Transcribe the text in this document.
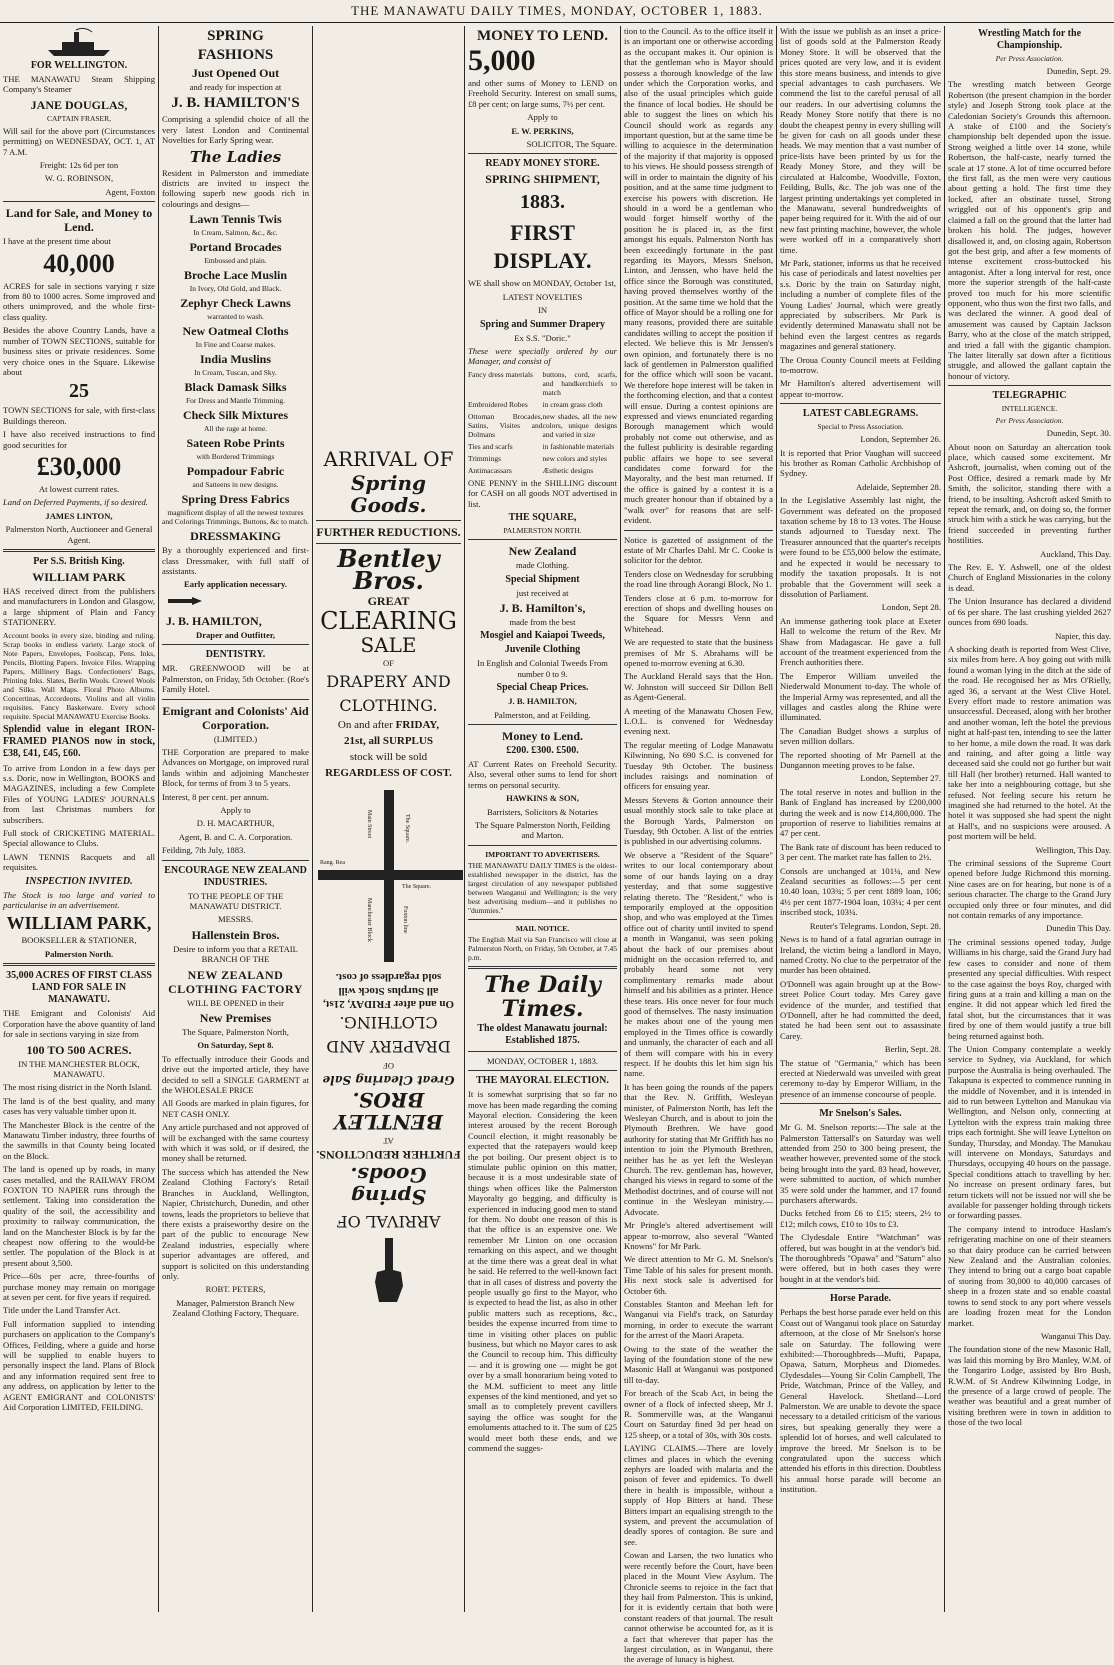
THE MANAWATU DAILY TIMES, MONDAY, OCTOBER 1, 1883.

FOR WELLINGTON.

THE MANAWATU Steam Shipping Company's Steamer

JANE DOUGLAS,

CAPTAIN FRASER,

Will sail for the above port (Circumstances permitting) on WEDNESDAY, OCT. 1, AT 7 A.M.

Freight: 12s 6d per ton

W. G. ROBINSON,

Agent, Foxton

Land for Sale, and Money to Lend.

I have at the present time about

40,000

ACRES for sale in sections varying r size from 80 to 1000 acres. Some improved and others unimproved, and the whole first-class quality.

Besides the above Country Lands, have a number of TOWN SECTIONS, suitable for business sites or private residences. Some very choice ones in the Square. Likewise about

25

TOWN SECTIONS for sale, with first-class Buildings thereon.

I have also received instructions to find good securities for

£30,000

At lowest current rates.

Land on Deferred Payments, if so desired.

JAMES LINTON,

Palmerston North, Auctioneer and General Agent.

Per S.S. British King.

WILLIAM PARK

HAS received direct from the publishers and manufacturers in London and Glasgow, a large shipment of Plain and Fancy STATIONERY.

Account books in every size, binding and ruling. Scrap books in endless variety. Large stock of Note Papers, Envelopes, Foolscap, Pens. Inks, Pencils, Blotting Papers. Invoice Files. Wrapping Papers, Millinery Bags. Confectioners' Bags, Printing Inks. Slates, Berlin Wools. Crewel Wools and Silks. Wall Maps. Floral Photo Albums. Concertinas, Accordeons. Violins and all violin requisites. Fancy Basketware. Every school requisite. Special MANAWATU Exercise Books.

Splendid value in elegant IRON-FRAMED PIANOS now in stock, £38, £41, £45, £60.

To arrive from London in a few days per s.s. Doric, now in Wellington, BOOKS and MAGAZINES, including a few Complete Files of YOUNG LADIES' JOURNALS from last Christmas numbers for subscribers.

Full stock of CRICKETING MATERIAL. Special allowance to Clubs.

LAWN TENNIS Racquets and all requisites.

INSPECTION INVITED.

The Stock is too large and varied to particularise in an advertisement.

WILLIAM PARK,

BOOKSELLER & STATIONER,

Palmerston North.

35,000 ACRES OF FIRST CLASS LAND FOR SALE IN MANAWATU.

THE Emigrant and Colonists' Aid Corporation have the above quantity of land for sale in sections varying in size from

100 TO 500 ACRES.

IN THE MANCHESTER BLOCK, MANAWATU.

The most rising district in the North Island.

The land is of the best quality, and many cases has very valuable timber upon it.

The Manchester Block is the centre of the Manawatu Timber industry, three fourths of the sawmills in that County being located on the Block.

The land is opened up by roads, in many cases metalled, and the RAILWAY FROM FOXTON TO NAPIER runs through the settlement. Taking into consideration the quality of the soil, the accessibility and proximity to railway communication, the land on the Manchester Block is by far the cheapest now offering to the would-be settler. The population of the Block is at present about 3,500.

Price—60s per acre, three-fourths of purchase money may remain on mortgage at seven per cent. for five years if required.

Title under the Land Transfer Act.

Full information supplied to intending purchasers on application to the Company's Offices, Feilding, where a guide and horse will be supplied to enable buyers to personally inspect the land. Plans of Block and any information required sent free to any address, on application by letter to the AGENT EMIGRANT and COLONISTS' Aid Corporation LIMITED, FEILDING.

SPRING

FASHIONS

Just Opened Out

and ready for inspection at

J. B. HAMILTON'S

Comprising a splendid choice of all the very latest London and Continental Novelties for Early Spring wear.

The Ladies

Resident in Palmerston and immediate districts are invited to inspect the following superb new goods rich in colourings and designs—

Lawn Tennis Twis

In Cream, Salmon, &c., &c.

Portand Brocades

Embossed and plain.

Broche Lace Muslin

In Ivory, Old Gold, and Black.

Zephyr Check Lawns

warranted to wash.

New Oatmeal Cloths

In Fine and Coarse makes.

India Muslins

In Cream, Tuscan, and Sky.

Black Damask Silks

For Dress and Mantle Trimming.

Check Silk Mixtures

All the rage at home.

Sateen Robe Prints

with Bordered Trimmings

Pompadour Fabric

and Satteens in new designs.

Spring Dress Fabrics

magnificent display of all the newest textures and Colorings Trimmings, Buttons, &c to match.

DRESSMAKING

By a thoroughly experienced and first-class Dressmaker, with full staff of assistants.

Early application necessary.

J. B. HAMILTON,

Draper and Outfitter,

DENTISTRY.

MR. GREENWOOD will be at Palmerston, on Friday, 5th October. (Roe's Family Hotel.

Emigrant and Colonists' Aid Corporation.

(LIMITED.)

THE Corporation are prepared to make Advances on Mortgage, on improved rural lands within and adjoining Manchester Block, for terms of from 3 to 5 years.

Interest, 8 per cent. per annum.

Apply to

D. H. MACARTHUR,

Agent, B. and C. A. Corporation.

Feilding, 7th July, 1883.

ENCOURAGE NEW ZEALAND INDUSTRIES.

TO THE PEOPLE OF THE MANAWATU DISTRICT.

MESSRS.

Hallenstein Bros.

Desire to inform you that a RETAIL BRANCH OF THE

NEW ZEALAND CLOTHING FACTORY

WILL BE OPENED in their

New Premises

The Square, Palmerston North,

On Saturday, Sept 8.

To effectually introduce their Goods and drive out the imported article, they have decided to sell a SINGLE GARMENT at the WHOLESALE PRICE

All Goods are marked in plain figures, for NET CASH ONLY.

Any article purchased and not approved of will be exchanged with the same courtesy with which it was sold, or if desired, the money shall be returned.

The success which has attended the New Zealand Clothing Factory's Retail Branches in Auckland, Wellington, Napier, Christchurch, Dunedin, and other towns, leads the proprietors to believe that there exists a praiseworthy desire on the part of the public to encourage New Zealand industries, especially where superior advantages are offered, and support is solicited on this understanding only.

ROBT. PETERS,

Manager, Palmerston Branch New Zealand Clothing Factory, Thequare.

ARRIVAL OF

Spring Goods.

FURTHER REDUCTIONS.

Bentley Bros.

GREAT

CLEARING

SALE

OF

DRAPERY AND

CLOTHING.

On and after FRIDAY,

21st, all SURPLUS

stock will be sold

REGARDLESS OF COST.

Main Street
Rang. Rea
The Square.
The Square.
Manchester Block	Foxton line

ARRIVAL OF

Spring Goods.

FURTHER REDUCTIONS.

AT

BENTLEY BROS.

Great Clearing Sale

OF

DRAPERY AND

CLOTHING.

On and after FRIDAY, 21st,

all Surplus Stock will

sold regardless of cost.

MONEY TO LEND.

5,000

and other sums of Money to LEND on Freehold Security. Interest on small sums, £8 per cent; on large sums, 7½ per cent.

Apply to

E. W. PERKINS,

SOLICITOR, The Square.

READY MONEY STORE.

SPRING SHIPMENT,

1883.

FIRST DISPLAY.

WE shall show on MONDAY, October 1st,

LATEST NOVELTIES

IN

Spring and Summer Drapery

Ex S.S. "Doric."

These were specially ordered by our Manager, and consist of

Fancy dress materials	buttons, cord, scarfs, and handkerchiefs to match

Embroidered Robes	in cream grass cloth

Ottoman Brocades, Satins, Visites and Dolmans

new shades, all the new colors, unique designs and varied in size

Ties and scarfs	in fashionable materials

Trimmings	new colors and styles

Antimacassars	Æsthetic designs

ONE PENNY in the SHILLING discount for CASH on all goods NOT advertised in list.

THE SQUARE,

PALMERSTON NORTH.

New Zealand

made Clothing.

Special Shipment

just received at

J. B. Hamilton's,

made from the best

Mosgiel and Kaiapoi Tweeds,

Juvenile Clothing

In English and Colonial Tweeds From number 0 to 9.

Special Cheap Prices.

J. B. HAMILTON,

Palmerston, and at Feilding.

Money to Lend.

£200. £300. £500.

AT Current Rates on Freehold Security. Also, several other sums to lend for short terms on personal security.

HAWKINS & SON,

Barristers, Solicitors & Notaries

The Square Palmerston North, Feilding and Marton.

IMPORTANT TO ADVERTISERS.

THE MANAWATU DAILY TIMES is the oldest-established newspaper in the district, has the largest circulation of any newspaper published between Wanganui and Wellington; is the very best advertising medium—and it publishes no "dummies."

MAIL NOTICE.

The English Mail via San Francisco will close at Palmerston North, on Friday, 5th October, at 7.45 p.m.

The Daily Times.

The oldest Manawatu journal: Established 1875.

MONDAY, OCTOBER 1, 1883.

THE MAYORAL ELECTION.

It is somewhat surprising that so far no move has been made regarding the coming Mayoral election. Considering the keen interest aroused by the recent Borough Council election, it might reasonably be expected that the ratepayers would keep the pot boiling. Our present object is to stimulate public opinion on this matter, because it is a most undesirable state of things when offices like the Palmerston Mayoralty go begging, and difficulty is experienced in inducing good men to stand for them. No doubt one reason of this is that the office is an expensive one. We remember Mr Linton on one occasion remarking on this aspect, and we thought at the time there was a great deal in what he said. He referred to the well-known fact that in all cases of distress and poverty the people usually go first to the Mayor, who is expected to head the list, as also in other public matters such as receptions, &c., besides the expense incurred from time to time in visiting other places on public business, but which no Mayor cares to ask the Council to recoup him. This difficulty — and it is growing one — might be got over by a small honorarium being voted to the M.M. sufficient to meet any little expenses of the kind mentioned, and yet so small as to completely prevent cavillers saying the office was sought for the emoluments attached to it. The sum of £25 would meet both these ends, and we commend the sugges-

tion to the Council. As to the office itself it is an important one or otherwise according as the occupant makes it. Our opinion is that the gentleman who is Mayor should possess a thorough knowledge of the law under which the Corporation works, and also of the usual principles which guide the finance of local bodies. He should be able to suggest the lines on which his Council should work as regards any important question, but at the same time be willing to acquiesce in the determination of the majority if that majority is opposed to his views. He should possess strength of will in order to maintain the dignity of his position, and at the same time judgment to exercise his powers with discretion. He should in a word be a gentleman who would forget himself worthy of the position he is placed in, as the first amongst his equals. Palmerston North has been exceedingly fortunate in the past regarding its Mayors, Messrs Snelson, Linton, and Jenssen, who have held the office since the Borough was constituted, having proved themselves worthy of the position. At the same time we hold that the office of Mayor should be a rolling one for many reasons, provided there are suitable candidates willing to accept the position if elected. We believe this is Mr Jenssen's own opinion, and fortunately there is no lack of gentlemen in Palmerston qualified for the office which will soon be vacant. We therefore hope interest will be taken in the forthcoming election, and that a contest will ensue. During a contest opinions are expressed and views enunciated regarding Borough management which would probably not come out otherwise, and as the fullest publicity is desirable regarding public affairs we hope to see several candidates come forward for the Mayoralty, and the best man returned. If the office is gained by a contest it is a much greater honour than if obtained by a "walk over" for reasons that are self-evident.

Notice is gazetted of assignment of the estate of Mr Charles Dahl. Mr C. Cooke is solicitor for the debtor.

Tenders close on Wednesday for scrubbing the road line through Aorangi Block, No 1.

Tenders close at 6 p.m. to-morrow for erection of shops and dwelling houses on the Square for Messrs Venn and Whitehead.

We are requested to state that the business premises of Mr S. Abrahams will be opened to-morrow evening at 6.30.

The Auckland Herald says that the Hon. W. Johnston will succeed Sir Dillon Bell as Agent-General.

A meeting of the Manawatu Chosen Few, L.O.L. is convened for Wednesday evening next.

The regular meeting of Lodge Manawatu Kilwinning, No 690 S.C. is convened for Tuesday 9th October. The business includes raisings and nomination of officers for ensuing year.

Messrs Stevens & Gorton announce their usual monthly stock sale to take place at the Borough Yards, Palmerston on Tuesday, 9th October. A list of the entries is published in our advertising columns.

We observe a "Resident of the Square" writes to our local contemporary about some of our hands laying on a dray yesterday, and that some suggestive relating thereto. The "Resident," who is temporarily employed at the opposition shop, and who was employed at the Times office out of charity until invited to spend a month in Wanganui, was seen poking about the back of our premises about midnight on the occasion referred to, and probably heard some not very complimentary remarks made about himself and his abilities as a printer. Hence these tears. His once never for four much good of themselves. The nasty insinuation he makes about one of the young men employed in the Times office is cowardly and unmanly, the character of each and all of them will compare with his in every respect. If he doubts this let him sign his name.

It has been going the rounds of the papers that the Rev. N. Griffith, Wesleyan minister, of Palmerston North, has left the Wesleyan Church, and is about to join the Plymouth Brethren. We have good authority for stating that Mr Griffith has no intention to join the Plymouth Brethren, neither has he as yet left the Wesleyan Church. The rev. gentleman has, however, changed his views in regard to some of the Methodist doctrines, and of course will not continue in the Wesleyan ministry.—Advocate.

Mr Pringle's altered advertisement will appear to-morrow, also several "Wanted Knowns" for Mr Park.

We direct attention to Mr G. M. Snelson's Time Table of his sales for present month. His next stock sale is advertised for October 6th.

Constables Stanton and Meehan left for Wanganui via Field's track, on Saturday morning, in order to execute the warrant for the arrest of the Maori Arapeta.

Owing to the state of the weather the laying of the foundation stone of the new Masonic Hall at Wanganui was postponed till to-day.

For breach of the Scab Act, in being the owner of a flock of infected sheep, Mr J. R. Sommerville was, at the Wanganui Court on Saturday fined 3d per head on 125 sheep, or a total of 30s, with 30s costs.

LAYING CLAIMS.—There are lovely climes and places in which the evening zephyrs are loaded with malaria and the poison of fever and epidemics. To dwell there in health is impossible, without a supply of Hop Bitters at hand. These Bitters impart an equalising strength to the system, and prevent the accumulation of deadly spores of contagion. Be sure and see.

Cowan and Larsen, the two lunatics who were recently before the Court, have been placed in the Mount View Asylum. The Chronicle seems to rejoice in the fact that they hail from Palmerston. This is unkind, for it is evidently certain that both were constant readers of that journal. The result cannot otherwise be accounted for, as it is a fact that wherever that paper has the largest circulation, as in Wanganui, there the average of lunacy is highest.

With the issue we publish as an inset a price-list of goods sold at the Palmerston Ready Money Store. It will be observed that the prices quoted are very low, and it is evident this store means business, and intends to give special advantages to cash purchasers. We commend the list to the careful perusal of all our readers. In our advertising columns the Ready Money Store notify that there is no doubt the cheapest penny in every shilling will be given for cash on all goods under these heads. We may mention that a vast number of price-lists have been printed by us for the Ready Money Store, and they will be circulated at Halcombe, Woodville, Foxton, Feilding, Bulls, &c. The job was one of the largest printing undertakings yet completed in the Manawatu, several hundredweights of paper being required for it. With the aid of our new fast printing machine, however, the whole were worked off in a comparatively short time.

Mr Park, stationer, informs us that he received his case of periodicals and latest novelties per s.s. Doric by the train on Saturday night, including a number of complete files of the Young Ladies' Journal, which were greatly appreciated by subscribers. Mr Park is evidently determined Manawatu shall not be behind even the largest centres as regards magazines and general stationery.

The Oroua County Council meets at Feilding to-morrow.

Mr Hamilton's altered advertisement will appear to-morrow.

LATEST CABLEGRAMS.

Special to Press Association.

London, September 26.

It is reported that Prior Vaughan will succeed his brother as Roman Catholic Archbishop of Sydney.

Adelaide, September 28.

In the Legislative Assembly last night, the Government was defeated on the proposed taxation scheme by 18 to 13 votes. The House stands adjourned to Tuesday next. The Treasurer announced that the quarter's receipts were found to be £55,000 below the estimate, and he expected it would be necessary to modify the taxation proposals. It is not probable that the Government will seek a dissolution of Parliament.

London, Sept 28.

An immense gathering took place at Exeter Hall to welcome the return of the Rev. Mr Shaw from Madagascar. He gave a full account of the treatment experienced from the French authorities there.

The Emperor William unveiled the Niederwald Monument to-day. The whole of the Imperial Army was represented, and all the villages and castles along the Rhine were illuminated.

The Canadian Budget shows a surplus of seven million dollars.

The reported shooting of Mr Parnell at the Dungannon meeting proves to be false.

London, September 27.

The total reserve in notes and bullion in the Bank of England has increased by £200,000 during the week and is now £14,800,000. The proportion of reserve to liabilities remains at 47 per cent.

The Bank rate of discount has been reduced to 3 per cent. The market rate has fallen to 2½.

Consols are unchanged at 101¼, and New Zealand securities as follows:—5 per cent 10.40 loan, 103¾; 5 per cent 1889 loan, 106; 4½ per cent 1877-1904 loan, 103¼; 4 per cent inscribed stock, 103¼.

Reuter's Telegrams. London, Sept. 28.

News is to hand of a fatal agrarian outrage in Ireland, the victim being a landlord in Mayo, named Crotty. No clue to the perpetrator of the murder has been obtained.

O'Donnell was again brought up at the Bow-street Police Court today. Mrs Carey gave evidence of the murder, and testified that O'Donnell, after he had committed the deed, stated he had been sent out to assassinate Carey.

Berlin, Sept. 28.

The statue of "Germania," which has been erected at Niederwald was unveiled with great ceremony to-day by Emperor William, in the presence of an immense concourse of people.

Mr Snelson's Sales.

Mr G. M. Snelson reports:—The sale at the Palmerston Tattersall's on Saturday was well attended from 250 to 300 being present, the weather however, prevented some of the stock being brought into the yard. 83 head, however, were submitted to auction, of which number 35 were sold under the hammer, and 17 found purchasers afterwards.

Ducks fetched from £6 to £15; steers, 2½ to £12; milch cows, £10 to 10s to £3.

The Clydesdale Entire "Watchman" was offered, but was bought in at the vendor's bid. The thoroughbreds "Opawa" and "Saturn" also were offered, but in both cases they were bought in at the vendor's bid.

Horse Parade.

Perhaps the best horse parade ever held on this Coast out of Wanganui took place on Saturday afternoon, at the close of Mr Snelson's horse sale on Saturday. The following were exhibited:—Thoroughbreds—Mufti, Papapa, Opawa, Saturn, Morpheus and Diomedes. Clydesdales—Young Sir Colin Campbell, The Pride, Watchman, Prince of the Valley, and General Havelock. Shetland—Lord Palmerston. We are unable to devote the space necessary to a detailed criticism of the various sires, but speaking generally they were a splendid lot of horses, and well calculated to improve the breed. Mr Snelson is to be congratulated upon the success which attended his efforts in this direction. Doubtless his annual horse parade will become an institution.

Wrestling Match for the Championship.

Per Press Association.

Dunedin, Sept. 29.

The wrestling match between George Robertson (the present champion in the border style) and Joseph Strong took place at the Caledonian Society's Grounds this afternoon. A stake of £100 and the Society's championship belt depended upon the issue. Strong weighed a little over 14 stone, while Robertson, the half-caste, nearly turned the scale at 17 stone. A lot of time occurred before the first fall, as the men were very cautious about getting a hold. The first time they locked, after an obstinate tussel, Strong wriggled out of his opponent's grip and claimed a fall on the ground that the latter had broken his hold. The judges, however disallowed it, and, on closing again, Robertson got the best grip, and after a few moments of intense excitement cross-buttocked his antagonist. After a long interval for rest, once more the superior strength of the half-caste proved too much for his more scientific opponent, who thus won the first two falls, and was declared the winner. A good deal of amusement was caused by Captain Jackson Barry, who at the close of the match stripped, and tried a fall with the gigantic champion. The latter literally sat down after a fictitious struggle, and allowed the gallant captain the honour of victory.

TELEGRAPHIC

INTELLIGENCE.

Per Press Association.

Dunedin, Sept. 30.

About noon on Saturday an altercation took place, which caused some excitement. Mr Ashcroft, journalist, when coming out of the Post Office, desired a remark made by Mr Smith, the solicitor, standing there with a friend, to be insulting. Ashcroft asked Smith to repeat the remark, and, on doing so, the former struck him with a stick he was carrying, but the friend succeeded in preventing further hostilities.

Auckland, This Day.

The Rev. E. Y. Ashwell, one of the oldest Church of England Missionaries in the colony is dead.

The Union Insurance has declared a dividend of 6s per share. The last crushing yielded 2627 ounces from 690 loads.

Napier, this day.

A shocking death is reported from West Clive, six miles from here. A boy going out with milk found a woman lying in the ditch at the side of the road. He recognised her as Mrs O'Rielly, aged 36, a servant at the West Clive Hotel. Every effort made to restore animation was unsuccessful. Deceased, along with her brother and another woman, left the hotel the previous night at half-past ten, intending to see the latter to her home, a mile down the road. It was dark and raining, and after going a little way deceased said she could not go further but wait till Hall (her brother) returned. Hall wanted to take her into a neighbouring cottage, but she refused. Not feeling secure his return he imagined she had returned to the hotel. At the hotel it was supposed she had spent the night at Hall's, and no suspicions were aroused. A post mortem will be held.

Wellington, This Day.

The criminal sessions of the Supreme Court opened before Judge Richmond this morning. Nine cases are on for hearing, but none is of a serious character. The charge to the Grand Jury occupied only three or four minutes, and did not contain remarks of any importance.

Dunedin This Day.

The criminal sessions opened today, Judge Williams in his charge, said the Grand Jury had few cases to consider and none of them presented any special difficulties. With respect to the case against the boys Roy, charged with firing guns at a train and killing a man on the engine. It did not appear which led fired the fatal shot, but the circumstances that it was fired by one of them would justify a true bill being returned against both.

The Union Company contemplate a weekly service to Sydney, via Auckland, for which purpose the Australia is being overhauled. The Takapuna is expected to commence running in the middle of November, and it is intended in aid to run between Lyttelton and Manukau via Wellington, and Nelson only, connecting at Lyttelton with the express train making three trips each fortnight. She will leave Lyttelton on Sunday, Thursday, and Monday. The Manukau will intervene on Mondays, Saturdays and Thursdays, occupying 40 hours on the passage. Special conditions attach to travelling by her. No increase on present ordinary fares, but return tickets will not be issued nor will she be available for passenger holding through tickets or forwarding passes.

The company intend to introduce Haslam's refrigerating machine on one of their steamers so that dairy produce can be carried between New Zealand and the Australian colonies. They intend to bring out a cargo boat capable of storing from 30,000 to 40,000 carcases of sheep in a frozen state and so enable coastal towns to send stock to any port where vessels are loading frozen meat for the London market.

Wanganui This Day.

The foundation stone of the new Masonic Hall, was laid this morning by Bro Manley, W.M. of the Tongariro Lodge, assisted by Bro Bush, R.W.M. of St Andrew Kilwinning Lodge, in the presence of a large crowd of people. The weather was beautiful and a great number of visiting brethren were in town in addition to those of the two local
